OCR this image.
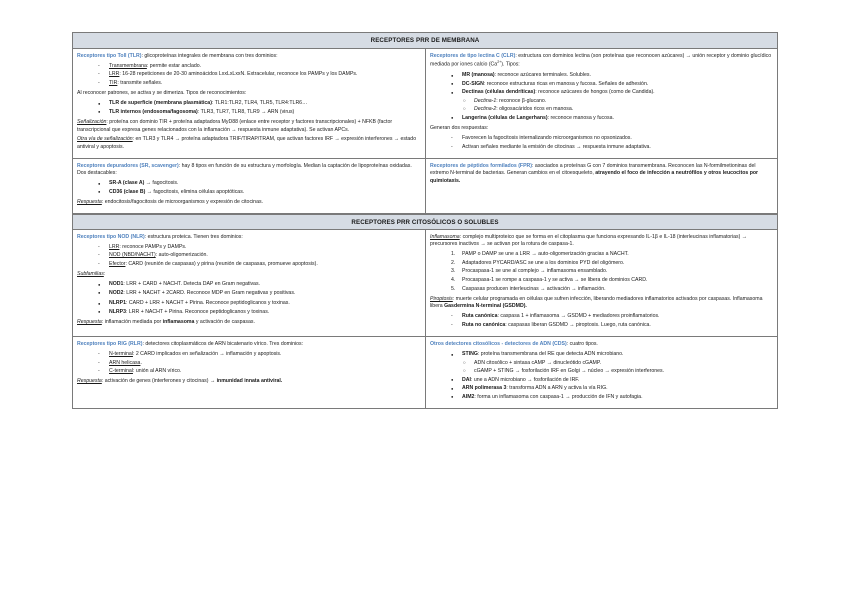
RECEPTORES PRR DE MEMBRANA

Receptores tipo Toll (TLR): glicoproteínas integrales de membrana con tres dominios:

Transmembrana: permite estar anclado.
LRR: 16-28 repeticiones de 20-30 aminoácidos LxxLxLxxN. Extracelular, reconoce los PAMPs y los DAMPs.
TIR: transmite señales.

Al reconocer patrones, se activa y se dimeriza. Tipos de reconocimientos:

TLR de superficie (membrana plasmática): TLR1:TLR2, TLR4, TLR5, TLR4:TLR6…
TLR internos (endosoma/fagosoma): TLR3, TLR7, TLR8, TLR9 → ARN (virus)

Señalización: proteína con dominio TIR + proteína adaptadora MyD88 (enlace entre receptor y factores transcripcionales) + NFKB (factor transcripcional que expresa genes relacionados con la inflamación → respuesta inmune adaptativa). Se activan APCs.

Otra vía de señalización: en TLR3 y TLR4 → proteína adaptadora TRIF/TIRAP/TRAM, que activan factores IRF → expresión interferones → estado antiviral y apoptosis.

Receptores de tipo lectina C (CLR): estructura con dominios lectina (son proteínas que reconocen azúcares) → unión receptor y dominio glucídico mediada por iones calcio $(Ca^{2+})$. Tipos:

MR (manosa): reconoce azúcares terminales. Solubles.
DC-SIGN: reconoce estructuras ricas en manosa y fucosa. Señales de adhesión.
Dectinas (células dendríticas): reconoce azúcares de hongos (como de Candida).
Dectina-1: reconoce β-glucano.
Dectina-2: oligosacáridos ricos en manosa.
Langerina (células de Langerhans): reconoce manosa y fucosa.

Generan dos respuestas:

Favorecen la fagocitosis internalizando microorganismos no opsonizados.
Activan señales mediante la emisión de citocinas → respuesta inmune adaptativa.

Receptores depuradores (SR, scavenger): hay 8 tipos en función de su estructura y morfología. Median la captación de lipoproteínas oxidadas. Dos destacables:

SR-A (clase A) → fagocitosis.
CD36 (clase B) → fagocitosis, elimina células apoptóticas.

Respuesta: endocitosis/fagocitosis de microorganismos y expresión de citocinas.

Receptores de péptidos formilados (FPR): asociados a proteínas G con 7 dominios transmembrana. Reconocen las N-formilmetioninas del extremo N-terminal de bacterias. Generan cambios en el citoesqueleto, atrayendo el foco de infección a neutrófilos y otros leucocitos por quimiotaxis.

RECEPTORES PRR CITOSÓLICOS O SOLUBLES

Receptores tipo NOD (NLR): estructura proteica. Tienen tres dominios:

LRR: reconoce PAMPs y DAMPs.
NOD (NBD/NACHT): auto-oligomerización.
Efector: CARD (reunión de caspasas) y pirina (reunión de caspasas, promueve apoptosis).

Subfamilias:

NOD1: LRR + CARD + NACHT. Detecta DAP en Gram negativas.
NOD2: LRR + NACHT + 2CARD. Reconoce MDP en Gram negativas y positivas.
NLRP1: CARD + LRR + NACHT + Pirina. Reconoce peptidoglicanos y toxinas.
NLRP3: LRR + NACHT + Pirina. Reconoce peptidoglicanos y toxinas.

Respuesta: inflamación mediada por inflamasoma y activación de caspasas.

Inflamasoma: complejo multiproteico que se forma en el citoplasma que funciona expresando IL-1β e IL-18 (interleucinas inflamatorias) → precursores inactivos → se activan por la rotura de caspasa-1.

1.	PAMP o DAMP se une a LRR → auto-oligomerización gracias a NACHT.
2.	Adaptadores PYCARD/ASC se une a los dominios PYD del oligómero.
3.	Procaspasa-1 se une al complejo → inflamasoma ensamblado.
4.	Procaspasa-1 se rompe a caspasa-1 y se activa → se libera de dominios CARD.
5.	Caspasas producen interleucinas → activación → inflamación.

Piroptosis: muerte celular programada en células que sufren infección, liberando mediadores inflamatorios activados por caspasas. Inflamasoma libera Gasdermina N-terminal (GSDMD).

Ruta canónica: caspasa 1 + inflamasoma → GSDMD + mediadores proinflamatorios.
Ruta no canónica: caspasas liberan GSDMD → piroptosis. Luego, ruta canónica.

Receptores tipo RIG (RLR): detectores citoplasmáticos de ARN bicatenario vírico. Tres dominios:

N-terminal: 2 CARD implicados en señalización → inflamación y apoptosis.
ARN helicasa.
C-terminal: unión al ARN vírico.

Respuesta: activación de genes (interferones y citocinas) → inmunidad innata antiviral.

Otros detectores citosólicos - detectores de ADN (CDS): cuatro tipos.

STING: proteína transmembrana del RE que detecta ADN microbiano.
ADN citosólico + sintasa cAMP → dinucleótido cGAMP.
cGAMP + STING → fosforilación IRF en Golgi → núcleo → expresión interferones.
DAI: une a ADN microbiano → fosforilación de IRF.
ARN polimerasa 3: transforma ADN a ARN y activa la vía RIG.
AIM2: forma un inflamasoma con caspasa-1 → producción de IFN y autofagia.
